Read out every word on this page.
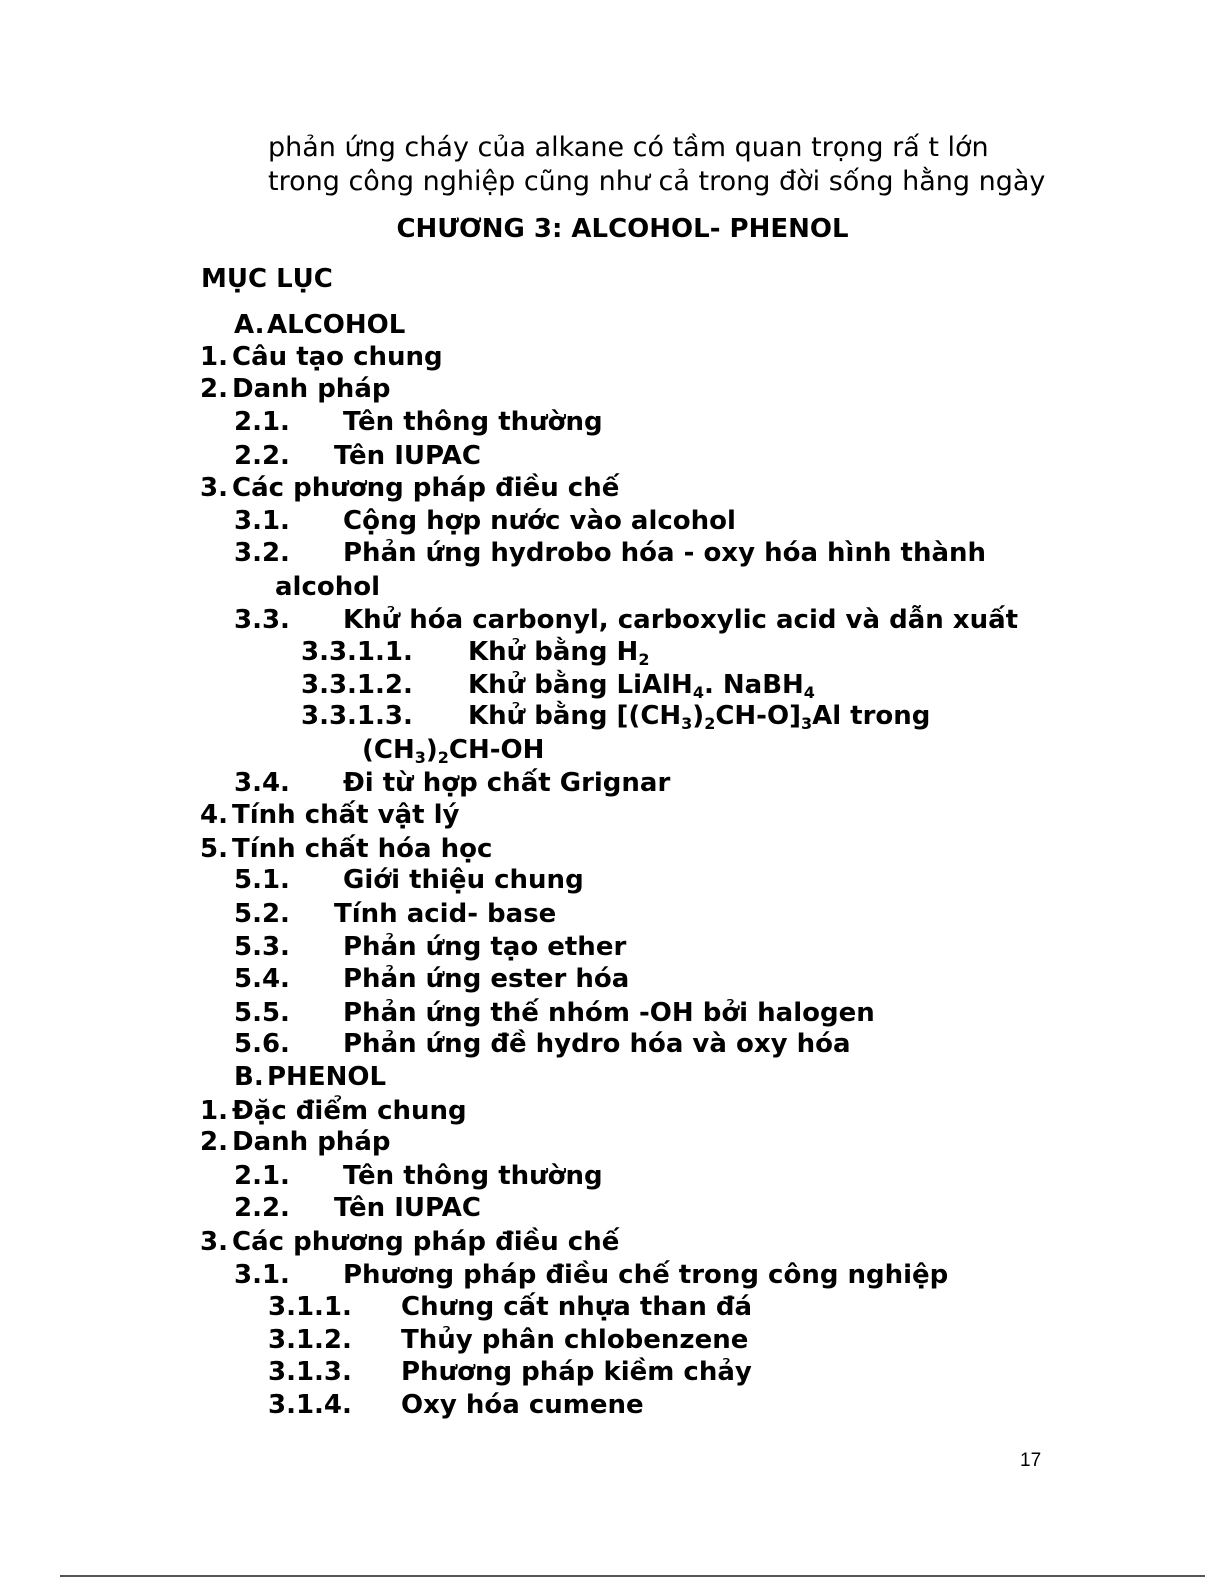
phản ứng cháy của alkane có tầm quan trọng rấ t lớn
trong công nghiệp cũng như cả trong đời sống hằng ngày
CHƯƠNG 3: ALCOHOL- PHENOL
MỤC LỤC
A. ALCOHOL
1. Câu tạo chung
2. Danh pháp
2.1. Tên thông thường
2.2. Tên IUPAC
3. Các phương pháp điều chế
3.1. Cộng hợp nước vào alcohol
3.2. Phản ứng hydrobo hóa - oxy hóa hình thành
alcohol
3.3. Khử hóa carbonyl, carboxylic acid và dẫn xuất
3.3.1.1. Khử bằng $H_2$
3.3.1.2. Khử bằng LiAlH$_4$. NaBH$_4$
3.3.1.3. Khử bằng $[(CH_3)_2CH-O]_3Al$ trong
$(CH_3)_2CH-OH$
3.4. Đi từ hợp chất Grignar
4. Tính chất vật lý
5. Tính chất hóa học
5.1. Giới thiệu chung
5.2. Tính acid- base
5.3. Phản ứng tạo ether
5.4. Phản ứng ester hóa
5.5. Phản ứng thế nhóm -OH bởi halogen
5.6. Phản ứng đề hydro hóa và oxy hóa
B. PHENOL
1. Đặc điểm chung
2. Danh pháp
2.1. Tên thông thường
2.2. Tên IUPAC
3. Các phương pháp điều chế
3.1. Phương pháp điều chế trong công nghiệp
3.1.1. Chưng cất nhựa than đá
3.1.2. Thủy phân chlobenzene
3.1.3. Phương pháp kiềm chảy
3.1.4. Oxy hóa cumene
17
